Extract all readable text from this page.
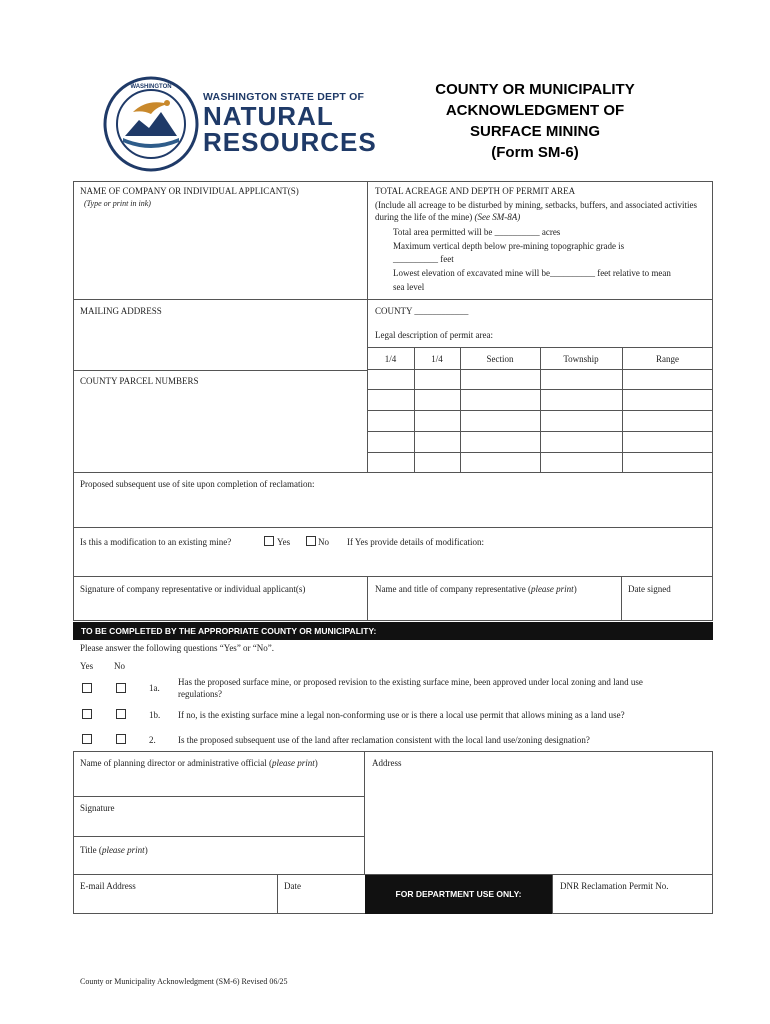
WASHINGTON
WASHINGTON STATE DEPT OF
NATURAL
RESOURCES
COUNTY OR MUNICIPALITY
ACKNOWLEDGMENT OF
SURFACE MINING
(Form SM-6)
NAME OF COMPANY OR INDIVIDUAL APPLICANT(S)
(Type or print in ink)
TOTAL ACREAGE AND DEPTH OF PERMIT AREA
(Include all acreage to be disturbed by mining, setbacks, buffers, and associated activities during the life of the mine) (See SM-8A)
Total area permitted will be __________ acres
Maximum vertical depth below pre-mining topographic grade is
__________ feet
Lowest elevation of excavated mine will be__________ feet relative to mean
sea level
MAILING ADDRESS	COUNTY ____________
Legal description of permit area:
1/4	1/4	Section	Township	Range
COUNTY PARCEL NUMBERS
Proposed subsequent use of site upon completion of reclamation:
Is this a modification to an existing mine?	Yes	No If Yes provide details of modification:
Signature of company representative or individual applicant(s)	Name and title of company representative (please print)	Date signed
TO BE COMPLETED BY THE APPROPRIATE COUNTY OR MUNICIPALITY:
Please answer the following questions “Yes” or “No”.
Yes No
1a.
Has the proposed surface mine, or proposed revision to the existing surface mine, been approved under local zoning and land use
regulations?
1b. If no, is the existing surface mine a legal non-conforming use or is there a local use permit that allows mining as a land use?
2. Is the proposed subsequent use of the land after reclamation consistent with the local land use/zoning designation?
Name of planning director or administrative official (please print)	Address
Signature
Title (please print)
E-mail Address	Date
FOR DEPARTMENT USE ONLY:
DNR Reclamation Permit No.
County or Municipality Acknowledgment (SM-6) Revised 06/25
